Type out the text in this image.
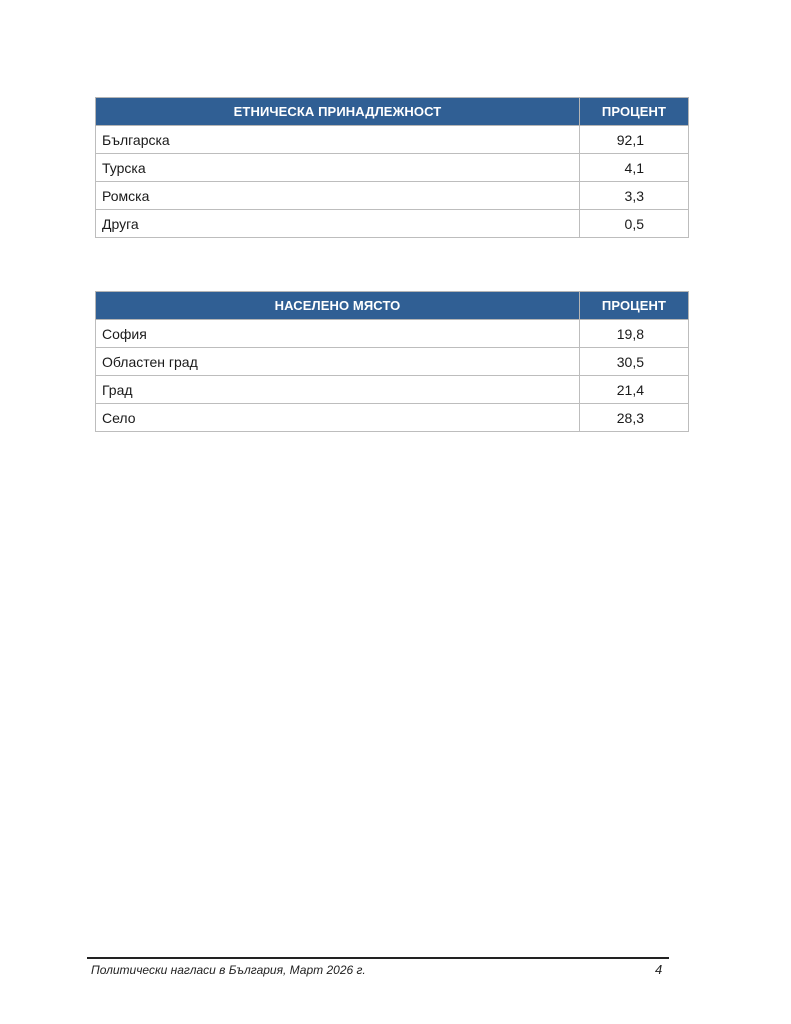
ЕТНИЧЕСКА ПРИНАДЛЕЖНОСТ	ПРОЦЕНТ
Българска	92,1
Турска	4,1
Ромска	3,3
Друга	0,5
НАСЕЛЕНО МЯСТО	ПРОЦЕНТ
София	19,8
Областен град	30,5
Град	21,4
Село	28,3
Политически нагласи в България, Март 2026 г.	4
